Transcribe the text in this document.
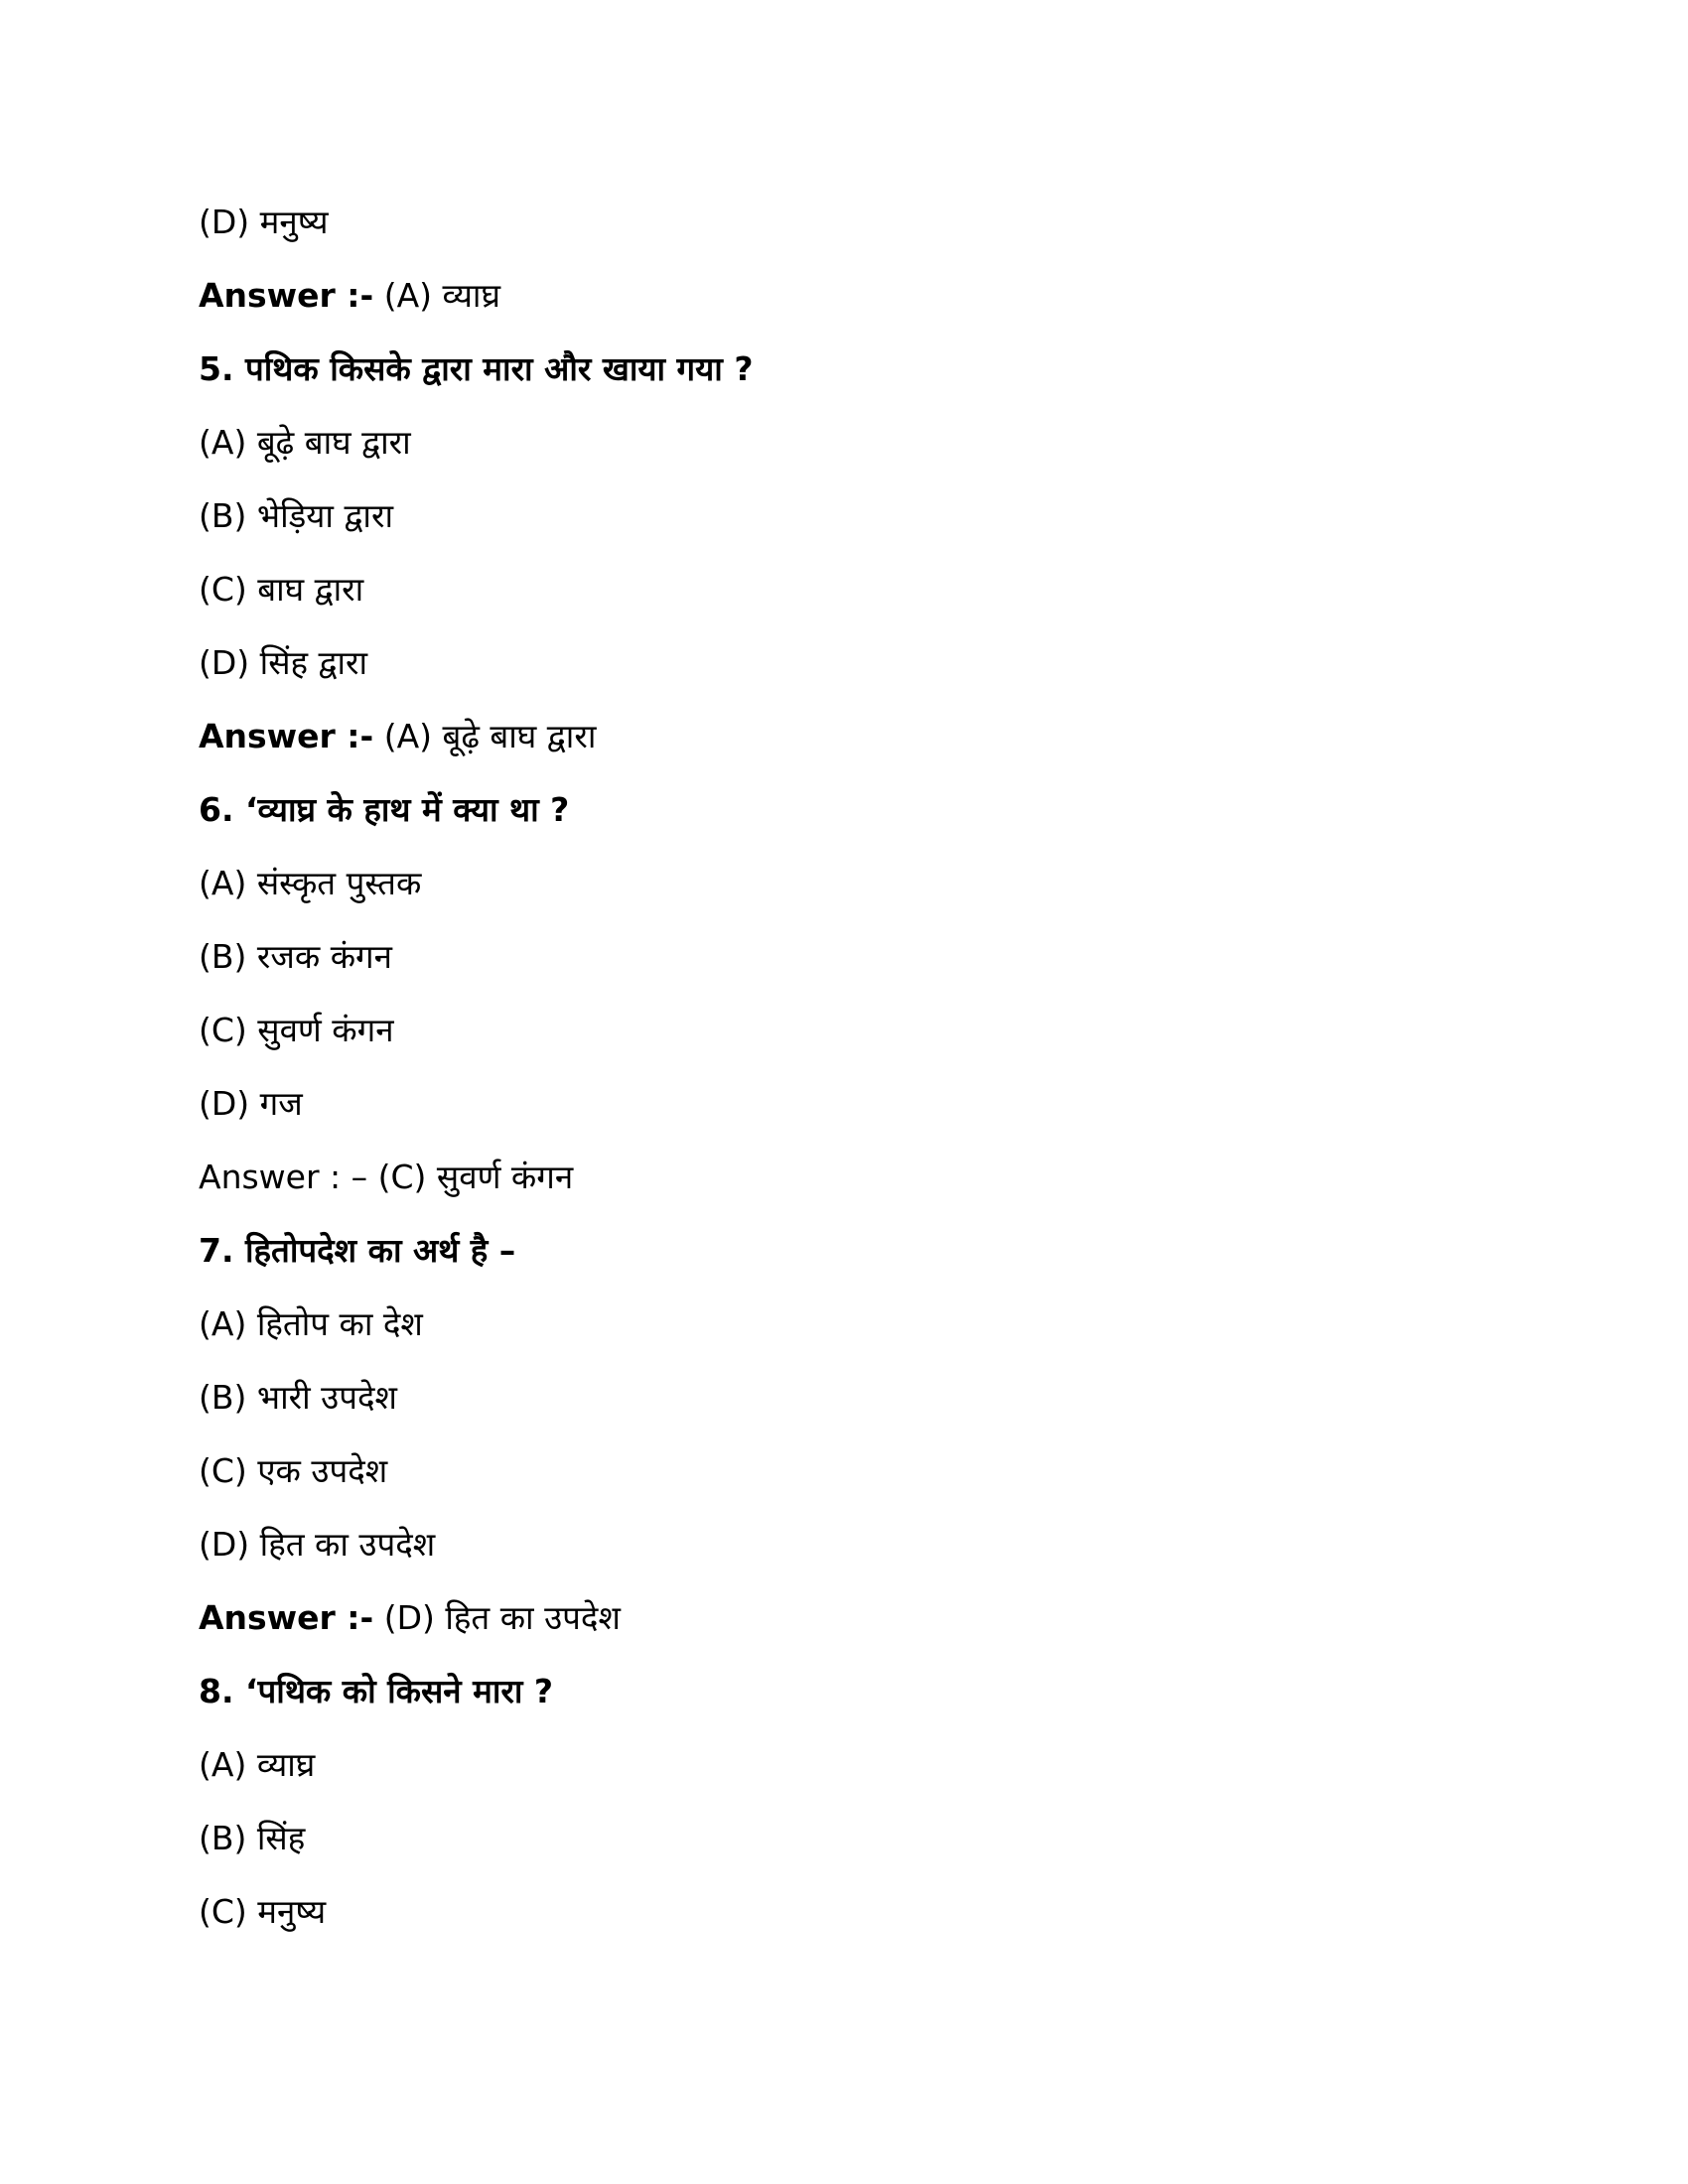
(D) मनुष्य
Answer :- (A) व्याघ्र
5. पथिक किसके द्वारा मारा और खाया गया ?
(A) बूढ़े बाघ द्वारा
(B) भेड़िया द्वारा
(C) बाघ द्वारा
(D) सिंह द्वारा
Answer :- (A) बूढ़े बाघ द्वारा
6. ‘व्याघ्र के हाथ में क्या था ?
(A) संस्कृत पुस्तक
(B) रजक कंगन
(C) सुवर्ण कंगन
(D) गज
Answer : – (C) सुवर्ण कंगन
7. हितोपदेश का अर्थ है –
(A) हितोप का देश
(B) भारी उपदेश
(C) एक उपदेश
(D) हित का उपदेश
Answer :- (D) हित का उपदेश
8. ‘पथिक को किसने मारा ?
(A) व्याघ्र
(B) सिंह
(C) मनुष्य
